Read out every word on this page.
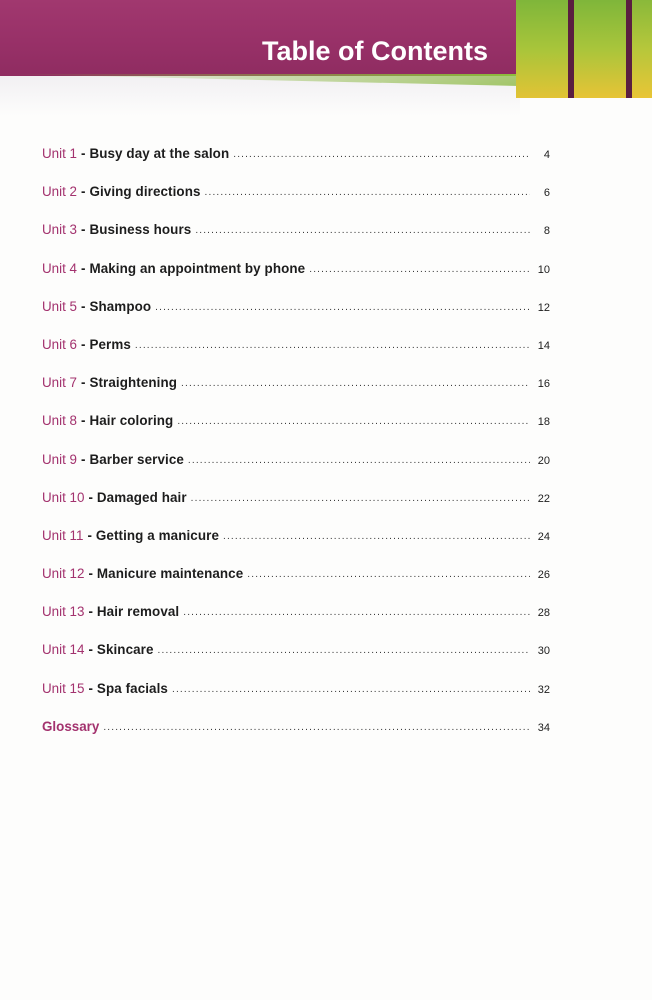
Table of Contents
Unit 1 - Busy day at the salon . . .	4
Unit 2 - Giving directions . . .	6
Unit 3 - Business hours . . .	8
Unit 4 - Making an appointment by phone . . .	10
Unit 5 - Shampoo . . .	12
Unit 6 - Perms . . .	14
Unit 7 - Straightening . . .	16
Unit 8 - Hair coloring . . .	18
Unit 9 - Barber service . . .	20
Unit 10 - Damaged hair . . .	22
Unit 11 - Getting a manicure . . .	24
Unit 12 - Manicure maintenance . . .	26
Unit 13 - Hair removal . . .	28
Unit 14 - Skincare . . .	30
Unit 15 - Spa facials . . .	32
Glossary . . .	34
